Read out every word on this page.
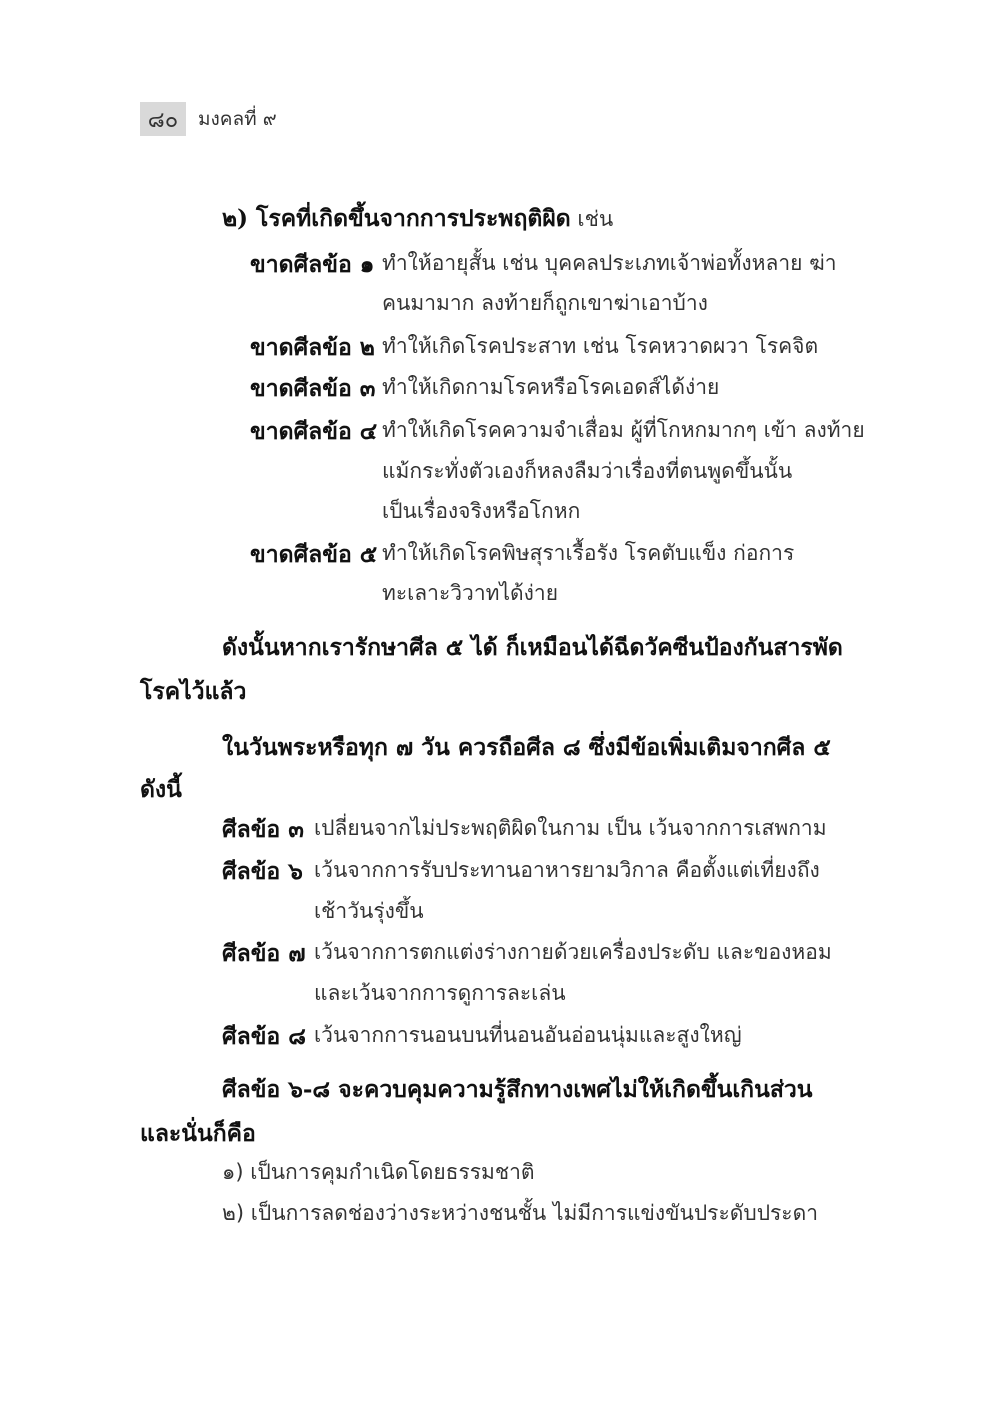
๘๐	มงคลที่ ๙
๒) โรคที่เกิดขึ้นจากการประพฤติผิด เช่น
ขาดศีลข้อ ๑ ทำให้อายุสั้น เช่น บุคคลประเภทเจ้าพ่อทั้งหลาย ฆ่า
คนมามาก ลงท้ายก็ถูกเขาฆ่าเอาบ้าง
ขาดศีลข้อ ๒ ทำให้เกิดโรคประสาท เช่น โรคหวาดผวา โรคจิต
ขาดศีลข้อ ๓ ทำให้เกิดกามโรคหรือโรคเอดส์ได้ง่าย
ขาดศีลข้อ ๔ ทำให้เกิดโรคความจำเสื่อม ผู้ที่โกหกมากๆ เข้า ลงท้าย
แม้กระทั่งตัวเองก็หลงลืมว่าเรื่องที่ตนพูดขึ้นนั้น
เป็นเรื่องจริงหรือโกหก
ขาดศีลข้อ ๕ ทำให้เกิดโรคพิษสุราเรื้อรัง โรคตับแข็ง ก่อการ
ทะเลาะวิวาทได้ง่าย
ดังนั้นหากเรารักษาศีล ๕ ได้ ก็เหมือนได้ฉีดวัคซีนป้องกันสารพัด
โรคไว้แล้ว
ในวันพระหรือทุก ๗ วัน ควรถือศีล ๘ ซึ่งมีข้อเพิ่มเติมจากศีล ๕
ดังนี้
ศีลข้อ ๓ เปลี่ยนจากไม่ประพฤติผิดในกาม เป็น เว้นจากการเสพกาม
ศีลข้อ ๖ เว้นจากการรับประทานอาหารยามวิกาล คือตั้งแต่เที่ยงถึง
เช้าวันรุ่งขึ้น
ศีลข้อ ๗ เว้นจากการตกแต่งร่างกายด้วยเครื่องประดับ และของหอม
และเว้นจากการดูการละเล่น
ศีลข้อ ๘ เว้นจากการนอนบนที่นอนอันอ่อนนุ่มและสูงใหญ่
ศีลข้อ ๖-๘ จะควบคุมความรู้สึกทางเพศไม่ให้เกิดขึ้นเกินส่วน
และนั่นก็คือ
๑) เป็นการคุมกำเนิดโดยธรรมชาติ
๒) เป็นการลดช่องว่างระหว่างชนชั้น ไม่มีการแข่งขันประดับประดา
